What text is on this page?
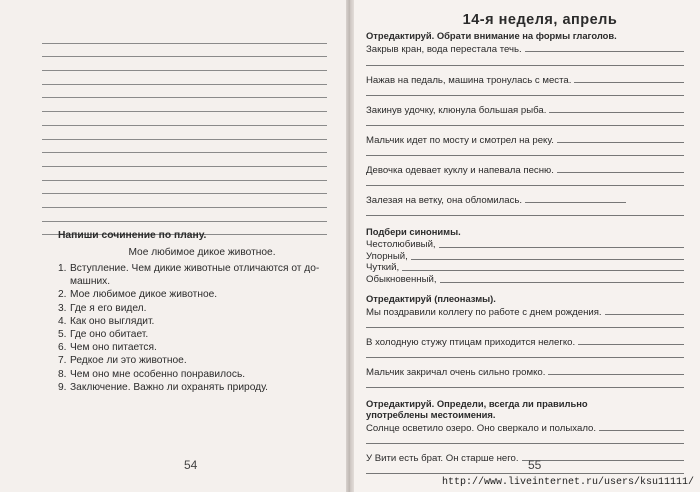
Напиши сочинение по плану.
Мое любимое дикое животное.
1. Вступление. Чем дикие животные отличаются от до-
машних.
2. Мое любимое дикое животное.
3. Где я его видел.
4. Как оно выглядит.
5. Где оно обитает.
6. Чем оно питается.
7. Редкое ли это животное.
8. Чем оно мне особенно понравилось.
9. Заключение. Важно ли охранять природу.
54
14-я неделя, апрель
Отредактируй. Обрати внимание на формы глаголов.
Закрыв кран, вода перестала течь.
Нажав на педаль, машина тронулась с места.
Закинув удочку, клюнула большая рыба.
Мальчик идет по мосту и смотрел на реку.
Девочка одевает куклу и напевала песню.
Залезая на ветку, она обломилась.
Подбери синонимы.
Честолюбивый,
Упорный,
Чуткий,
Обыкновенный,
Отредактируй (плеоназмы).
Мы поздравили коллегу по работе с днем рождения.
В холодную стужу птицам приходится нелегко.
Мальчик закричал очень сильно громко.
Отредактируй. Определи, всегда ли правильно
употреблены местоимения.
Солнце осветило озеро. Оно сверкало и полыхало.
У Вити есть брат. Он старше него. 55
http://www.liveinternet.ru/users/ksu11111/
